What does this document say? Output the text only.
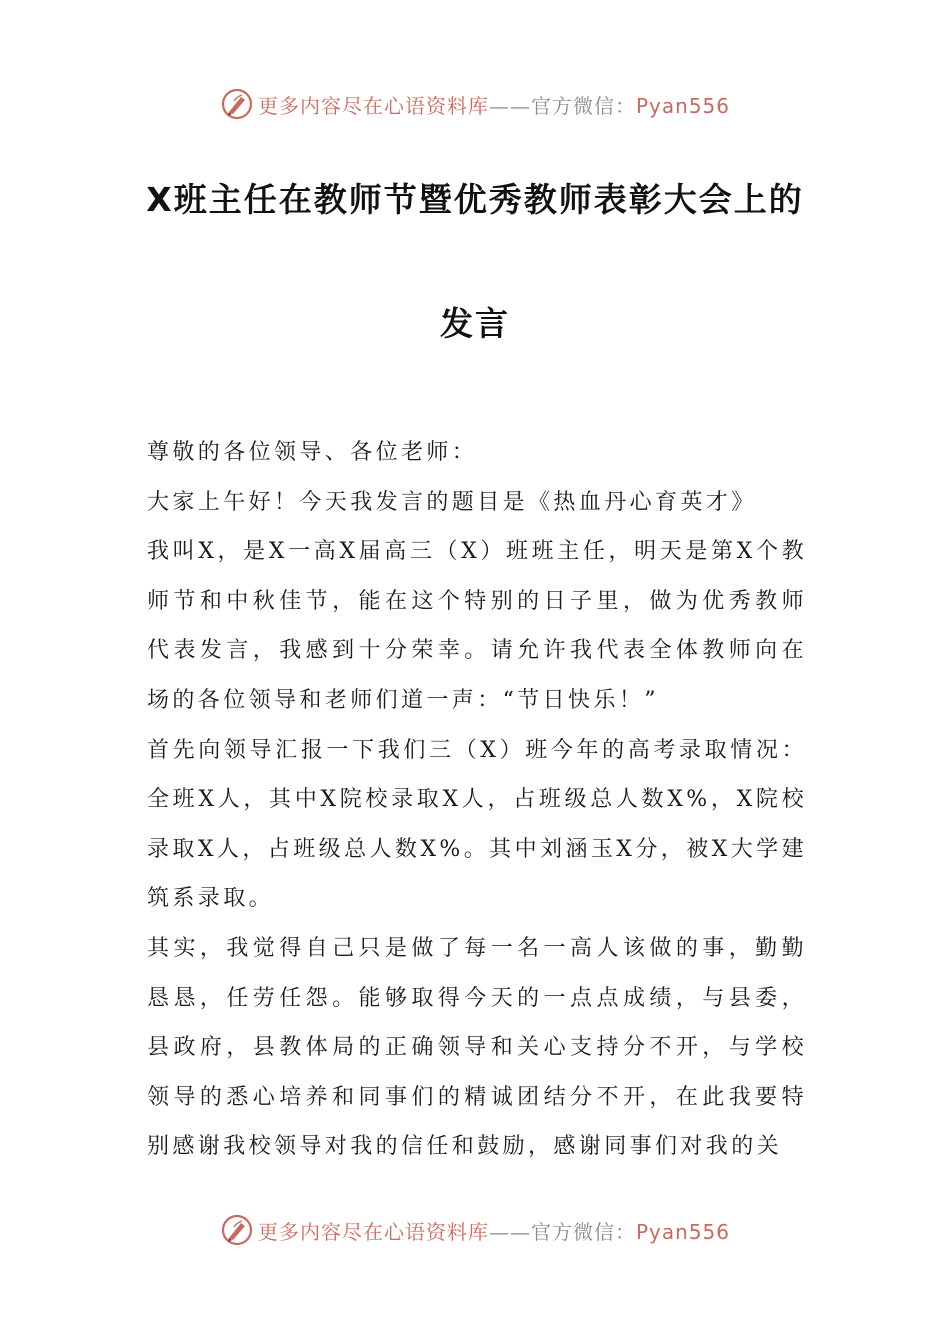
更多内容尽在心语资料库——官方微信：Pyan556
X班主任在教师节暨优秀教师表彰大会上的
发言

尊敬的各位领导、各位老师：

大家上午好！今天我发言的题目是《热血丹心育英才》

我叫X，是X一高X届高三（X）班班主任，明天是第X个教师节和中秋佳节，能在这个特别的日子里，做为优秀教师代表发言，我感到十分荣幸。请允许我代表全体教师向在场的各位领导和老师们道一声：“节日快乐！”

首先向领导汇报一下我们三（X）班今年的高考录取情况：全班X人，其中X院校录取X人，占班级总人数X%，X院校录取X人，占班级总人数X%。其中刘涵玉X分，被X大学建筑系录取。

其实，我觉得自己只是做了每一名一高人该做的事，勤勤恳恳，任劳任怨。能够取得今天的一点点成绩，与县委，县政府，县教体局的正确领导和关心支持分不开，与学校领导的悉心培养和同事们的精诚团结分不开，在此我要特别感谢我校领导对我的信任和鼓励，感谢同事们对我的关

更多内容尽在心语资料库——官方微信：Pyan556
